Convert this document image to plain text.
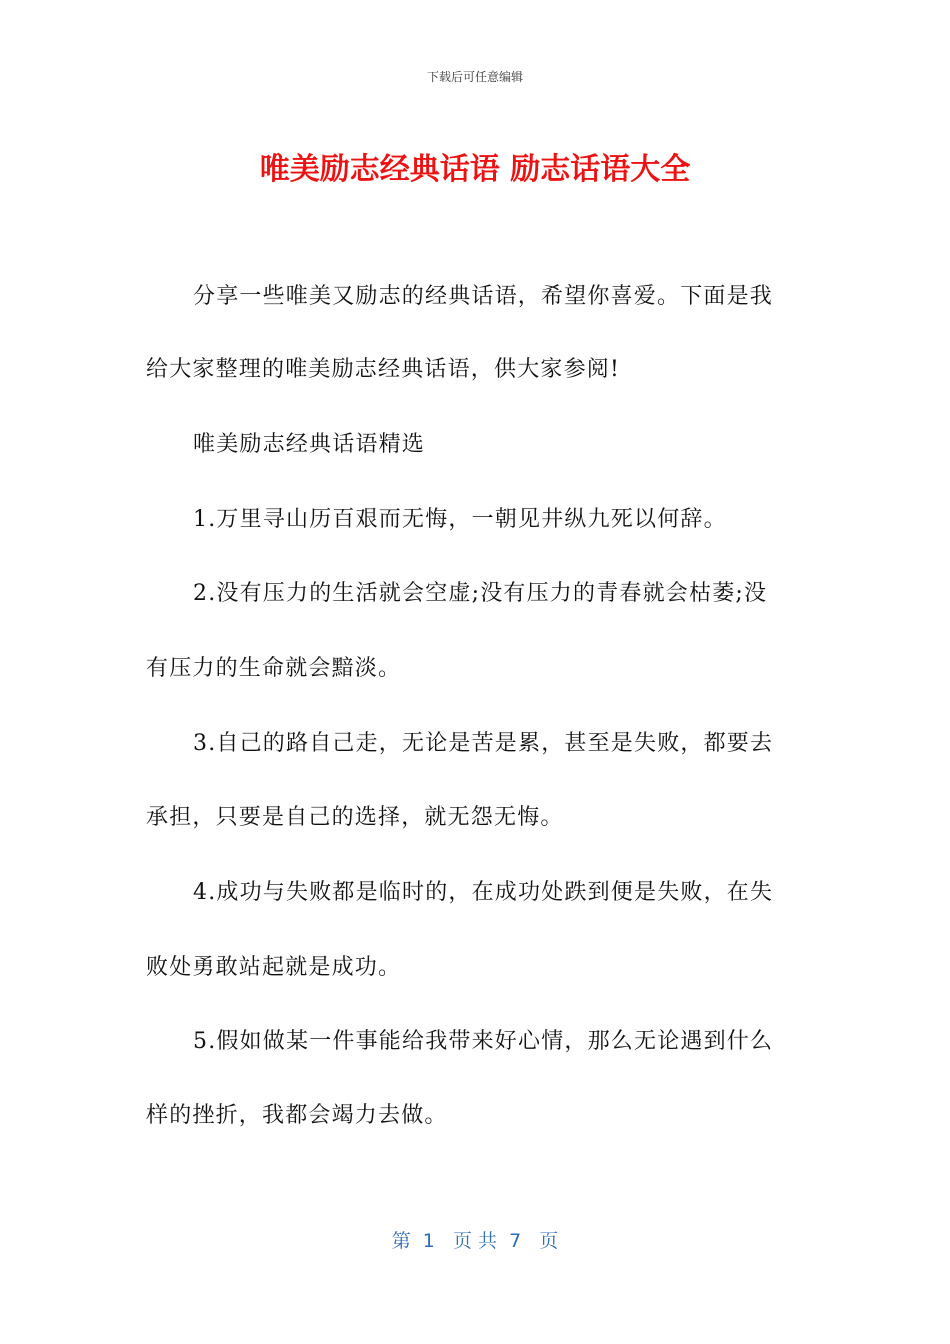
下载后可任意编辑
唯美励志经典话语 励志话语大全
分享一些唯美又励志的经典话语，希望你喜爱。下面是我
给大家整理的唯美励志经典话语，供大家参阅!
唯美励志经典话语精选
1.万里寻山历百艰而无悔，一朝见井纵九死以何辞。
2.没有压力的生活就会空虚;没有压力的青春就会枯萎;没
有压力的生命就会黯淡。
3.自己的路自己走，无论是苦是累，甚至是失败，都要去
承担，只要是自己的选择，就无怨无悔。
4.成功与失败都是临时的，在成功处跌到便是失败，在失
败处勇敢站起就是成功。
5.假如做某一件事能给我带来好心情，那么无论遇到什么
样的挫折，我都会竭力去做。
第  1   页 共  7   页
